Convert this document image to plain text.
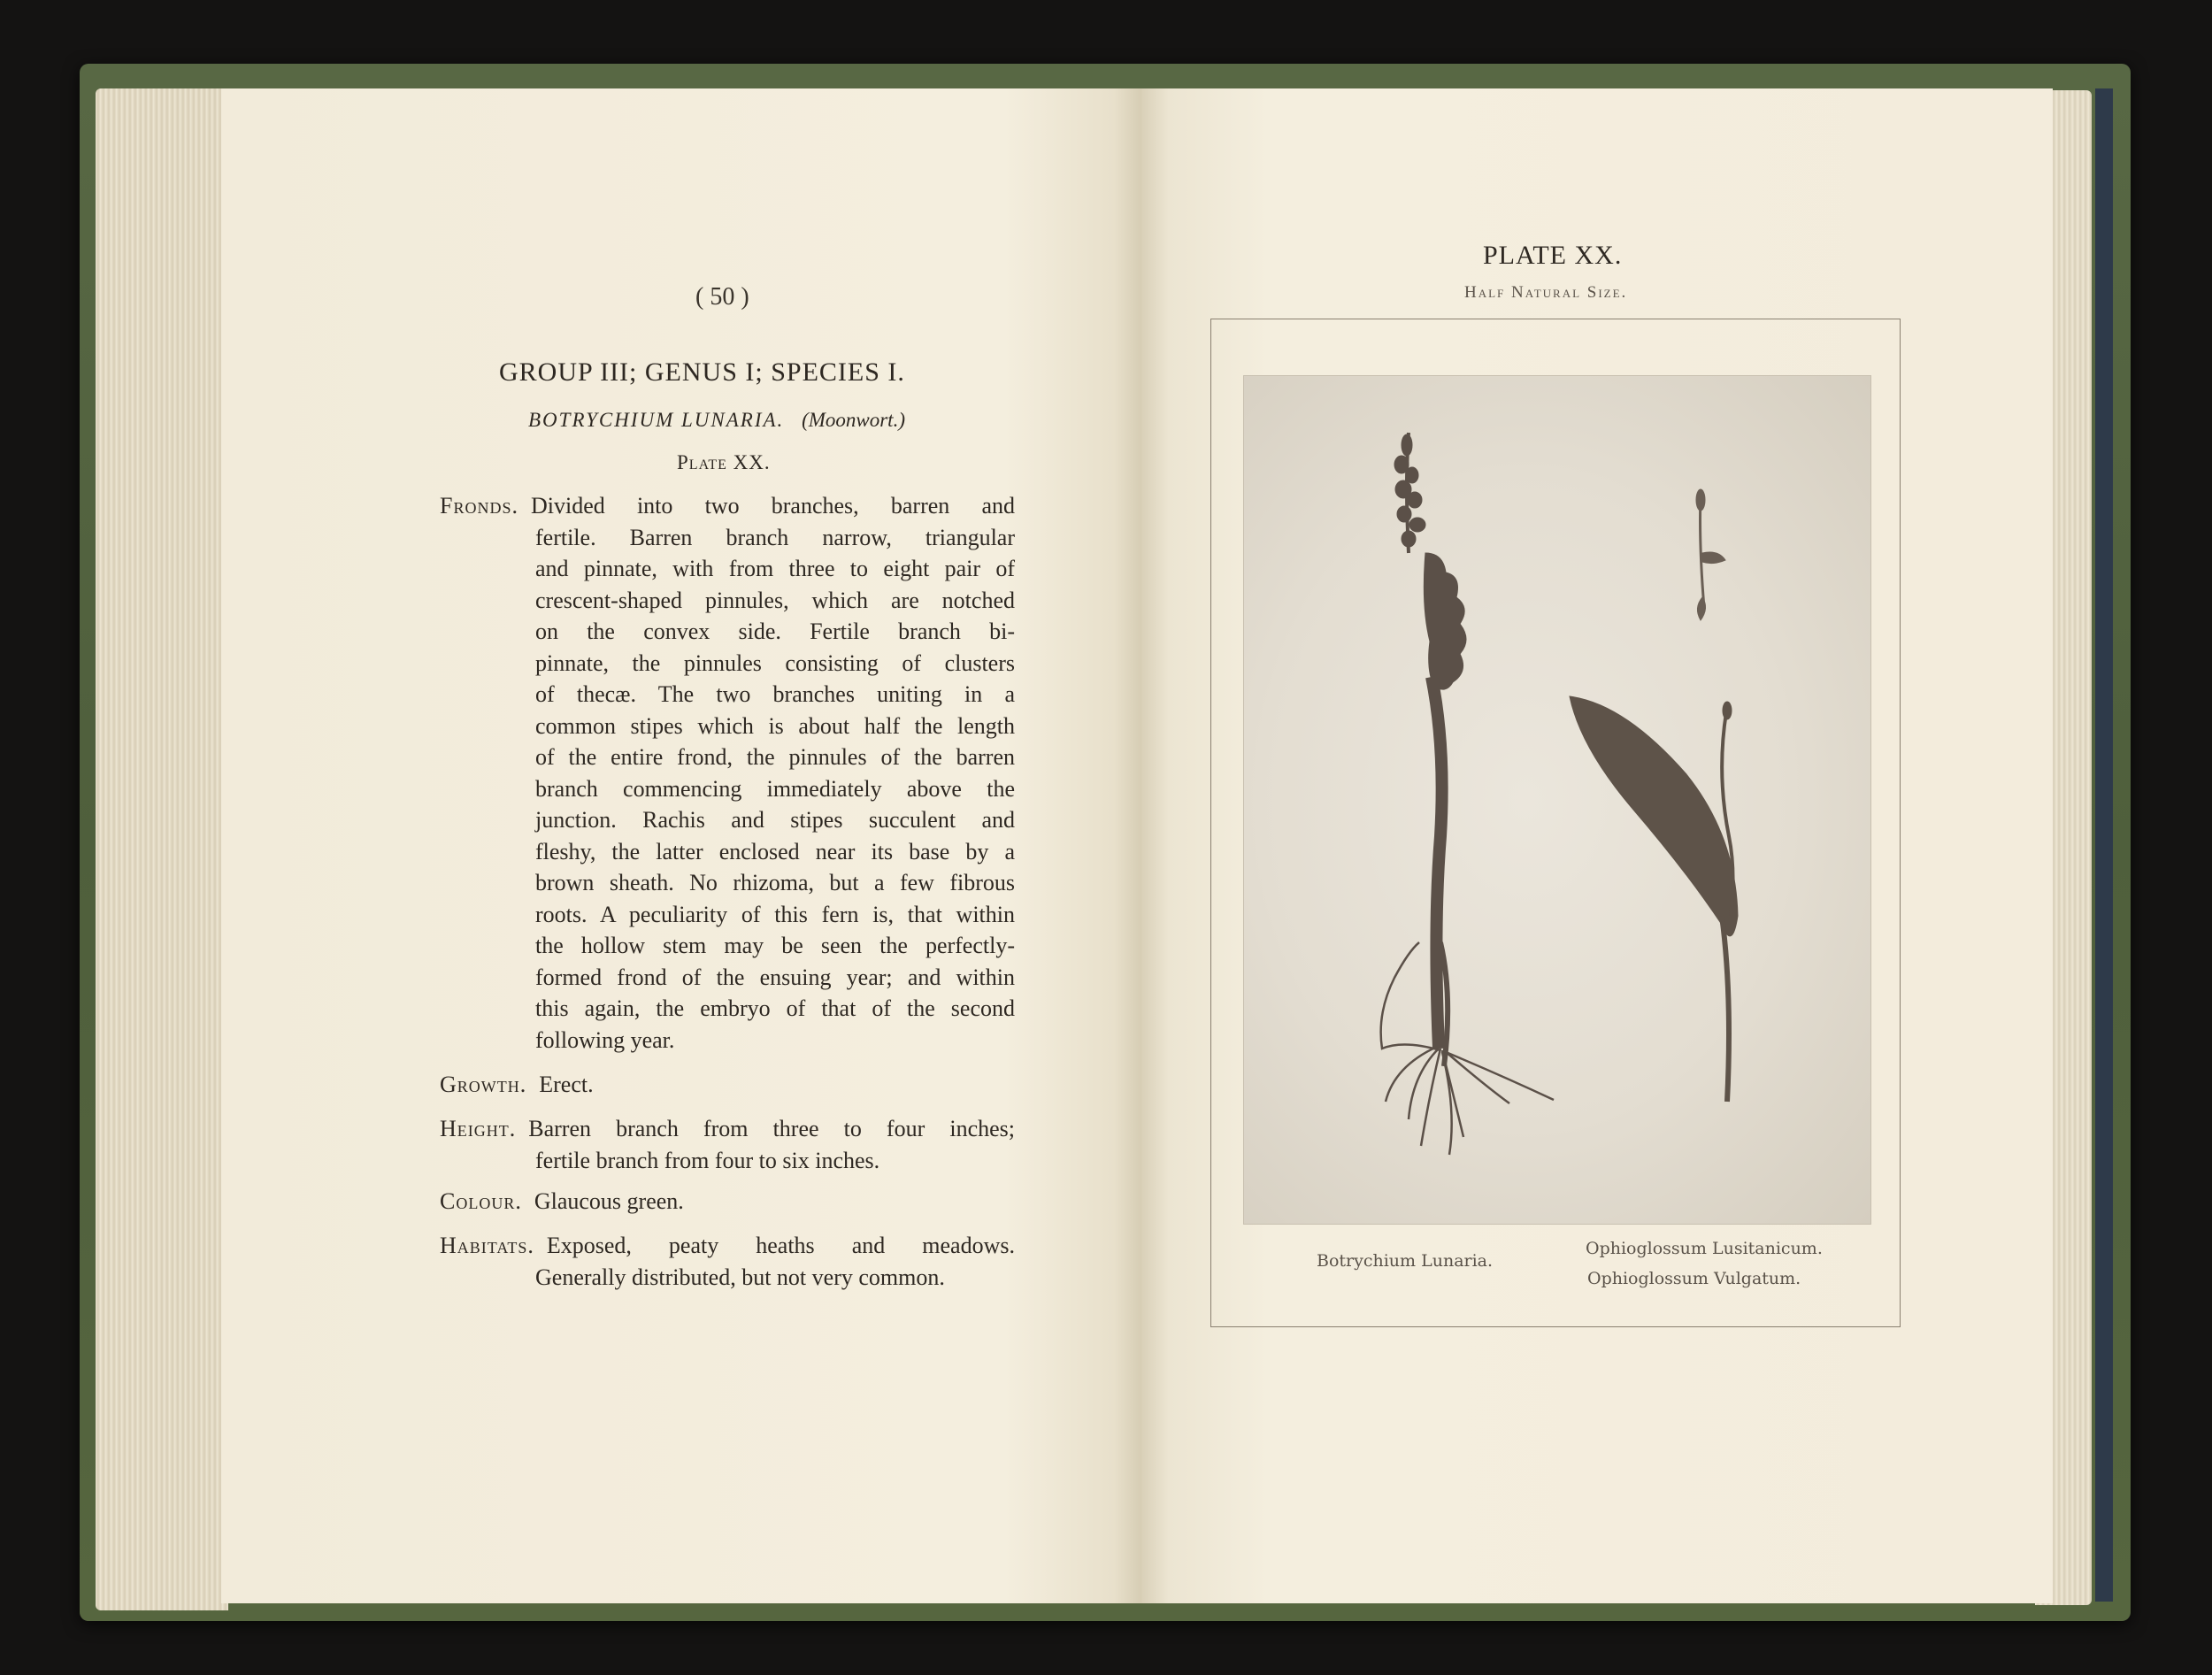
( 50 )
GROUP III; GENUS I; SPECIES I.
BOTRYCHIUM LUNARIA. (Moonwort.)
Plate XX.
Fronds. Divided into two branches, barren and
fertile. Barren branch narrow, triangular
and pinnate, with from three to eight pair of
crescent-shaped pinnules, which are notched
on the convex side. Fertile branch bi-
pinnate, the pinnules consisting of clusters
of thecæ. The two branches uniting in a
common stipes which is about half the length
of the entire frond, the pinnules of the barren
branch commencing immediately above the
junction. Rachis and stipes succulent and
fleshy, the latter enclosed near its base by a
brown sheath. No rhizoma, but a few fibrous
roots. A peculiarity of this fern is, that within
the hollow stem may be seen the perfectly-
formed frond of the ensuing year; and within
this again, the embryo of that of the second
following year.
Growth. Erect.
Height. Barren branch from three to four inches;
fertile branch from four to six inches.
Colour. Glaucous green.
Habitats. Exposed, peaty heaths and meadows.
Generally distributed, but not very common.
PLATE XX.
Half Natural Size.
Botrychium Lunaria.
Ophioglossum Lusitanicum.
Ophioglossum Vulgatum.
